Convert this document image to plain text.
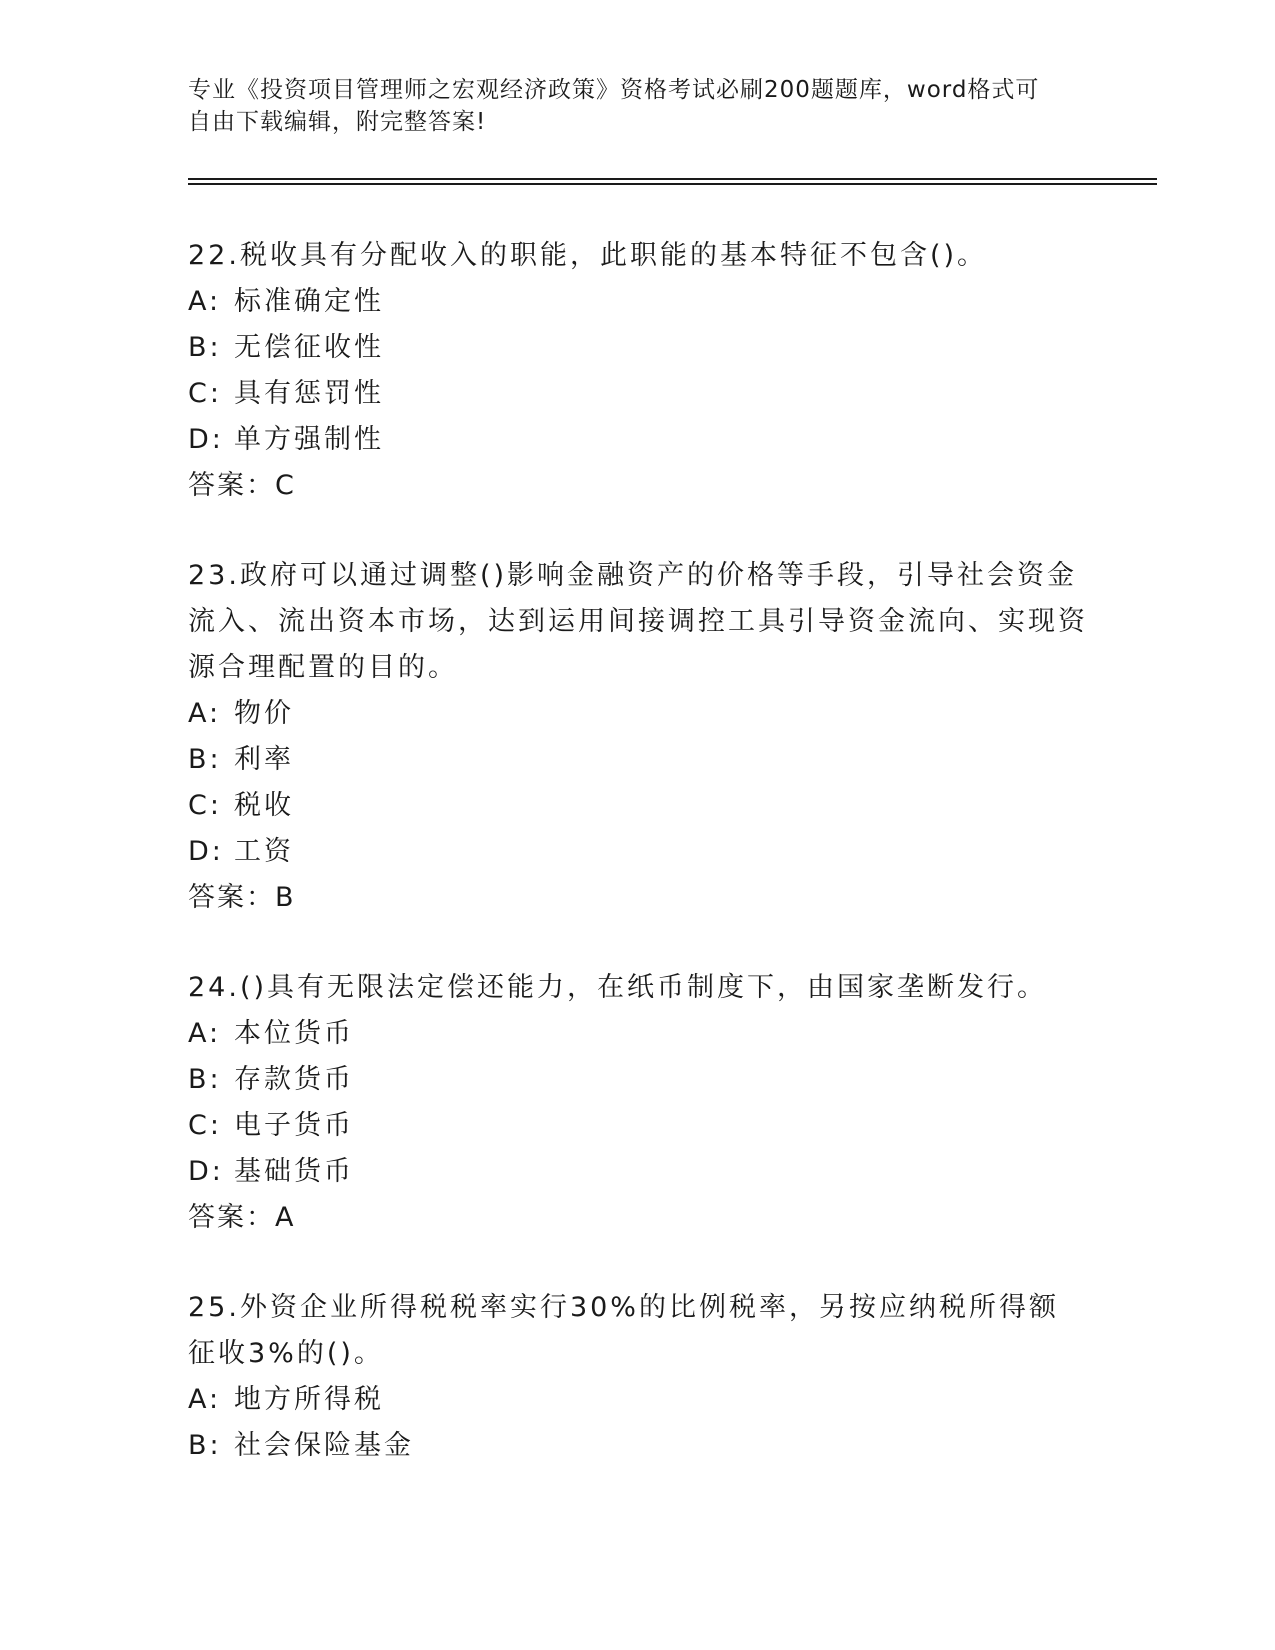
专业《投资项目管理师之宏观经济政策》资格考试必刷200题题库，word格式可
自由下载编辑，附完整答案!
22.税收具有分配收入的职能，此职能的基本特征不包含()。
A: 标准确定性
B: 无偿征收性
C: 具有惩罚性
D: 单方强制性
答案：C
23.政府可以通过调整()影响金融资产的价格等手段，引导社会资金流入、流出资本市场，达到运用间接调控工具引导资金流向、实现资源合理配置的目的。
A: 物价
B: 利率
C: 税收
D: 工资
答案：B
24.()具有无限法定偿还能力，在纸币制度下，由国家垄断发行。
A: 本位货币
B: 存款货币
C: 电子货币
D: 基础货币
答案：A
25.外资企业所得税税率实行30%的比例税率，另按应纳税所得额征收3%的()。
A: 地方所得税
B: 社会保险基金
